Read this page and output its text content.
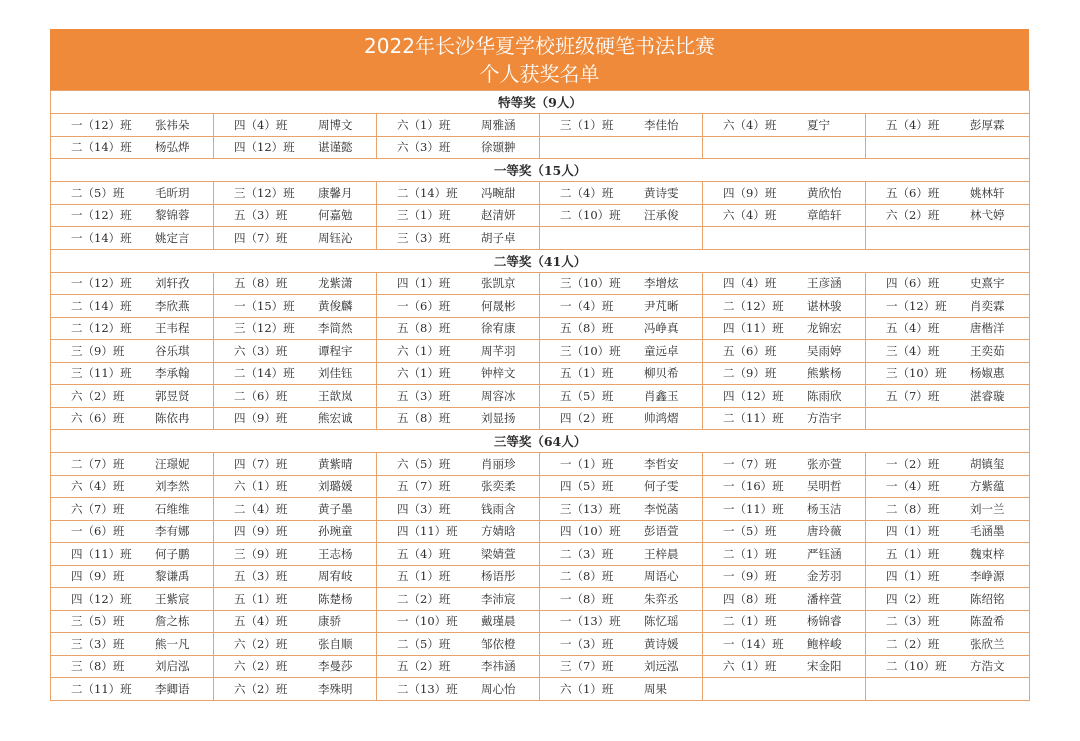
2022年长沙华夏学校班级硬笔书法比赛
个人获奖名单
特等奖（9人）					

一（12）班 张祎朵	四（4）班 周博文	六（1）班 周雅涵	三（1）班 李佳怡	六（4）班 夏宁	五（4）班 彭厚霖

二（14）班 杨弘烨	四（12）班 谌谨懿	六（3）班 徐颋翀			

一等奖（15人）					

二（5）班 毛昕玥	三（12）班 康馨月	二（14）班 冯畹甜	二（4）班 黄诗雯	四（9）班 黄欣怡	五（6）班 姚林轩

一（12）班 黎锦蓉	五（3）班 何嘉勉	三（1）班 赵清妍	二（10）班 汪承俊	六（4）班 章皓轩	六（2）班 林弋婷

一（14）班 姚定言	四（7）班 周钰沁	三（3）班 胡子卓			

二等奖（41人）					

一（12）班 刘轩孜	五（8）班 龙紫潇	四（1）班 张凯京	三（10）班 李增炫	四（4）班 王彦涵	四（6）班 史熹宇

二（14）班 李欣燕	一（15）班 黄俊麟	一（6）班 何晟彬	一（4）班 尹芃晰	二（12）班 谌林骏	一（12）班 肖奕霖

二（12）班 王韦程	三（12）班 李简然	五（8）班 徐宥康	五（8）班 冯峥真	四（11）班 龙锦宏	五（4）班 唐楷洋

三（9）班 谷乐琪	六（3）班 谭程宇	六（1）班 周芊羽	三（10）班 童远卓	五（6）班 吴雨婷	三（4）班 王奕茹

三（11）班 李承翰	二（14）班 刘佳钰	六（1）班 钟梓文	五（1）班 柳贝希	二（9）班 熊紫杨	三（10）班 杨婌惠

六（2）班 郭昱贤	二（6）班 王歆岚	五（3）班 周容冰	五（5）班 肖鑫玉	四（12）班 陈雨欣	五（7）班 湛睿璇

六（6）班 陈依冉	四（9）班 熊宏诚	五（8）班 刘显扬	四（2）班 帅鸿熠	二（11）班 方浩宇	

三等奖（64人）					

二（7）班 汪璟妮	四（7）班 黄紫晴	六（5）班 肖丽珍	一（1）班 李哲安	一（7）班 张亦萱	一（2）班 胡镇玺

六（4）班 刘李然	六（1）班 刘璐媛	五（7）班 张奕柔	四（5）班 何子雯	一（16）班 吴明哲	一（4）班 方紫蕴

六（7）班 石维维	二（4）班 黄子墨	四（3）班 钱雨含	三（13）班 李悦菡	一（11）班 杨玉洁	二（8）班 刘一兰

一（6）班 李有娜	四（9）班 孙琬童	四（11）班 方婧晗	四（10）班 彭语萱	一（5）班 唐玲薇	四（1）班 毛涵墨

四（11）班 何子鹏	三（9）班 王志杨	五（4）班 梁婧萱	二（3）班 王梓晨	二（1）班 严钰涵	五（1）班 魏束梓

四（9）班 黎谦禹	五（3）班 周宥岐	五（1）班 杨语彤	二（8）班 周语心	一（9）班 金芳羽	四（1）班 李峥源

四（12）班 王紫宸	五（1）班 陈楚杨	二（2）班 李沛宸	一（8）班 朱弈丞	四（8）班 潘梓萱	四（2）班 陈绍铭

三（5）班 詹之栋	五（4）班 康骄	一（10）班 戴瑾晨	一（13）班 陈忆瑶	二（1）班 杨锦睿	二（3）班 陈盈希

三（3）班 熊一凡	六（2）班 张自顺	二（5）班 邹依橙	一（3）班 黄诗媛	一（14）班 鲍梓峻	二（2）班 张欣兰

三（8）班 刘启泓	六（2）班 李曼莎	五（2）班 李祎涵	三（7）班 刘远泓	六（1）班 宋金阳	二（10）班 方浩文

二（11）班 李卿语	六（2）班 李殊明	二（13）班 周心怡	六（1）班 周果		
